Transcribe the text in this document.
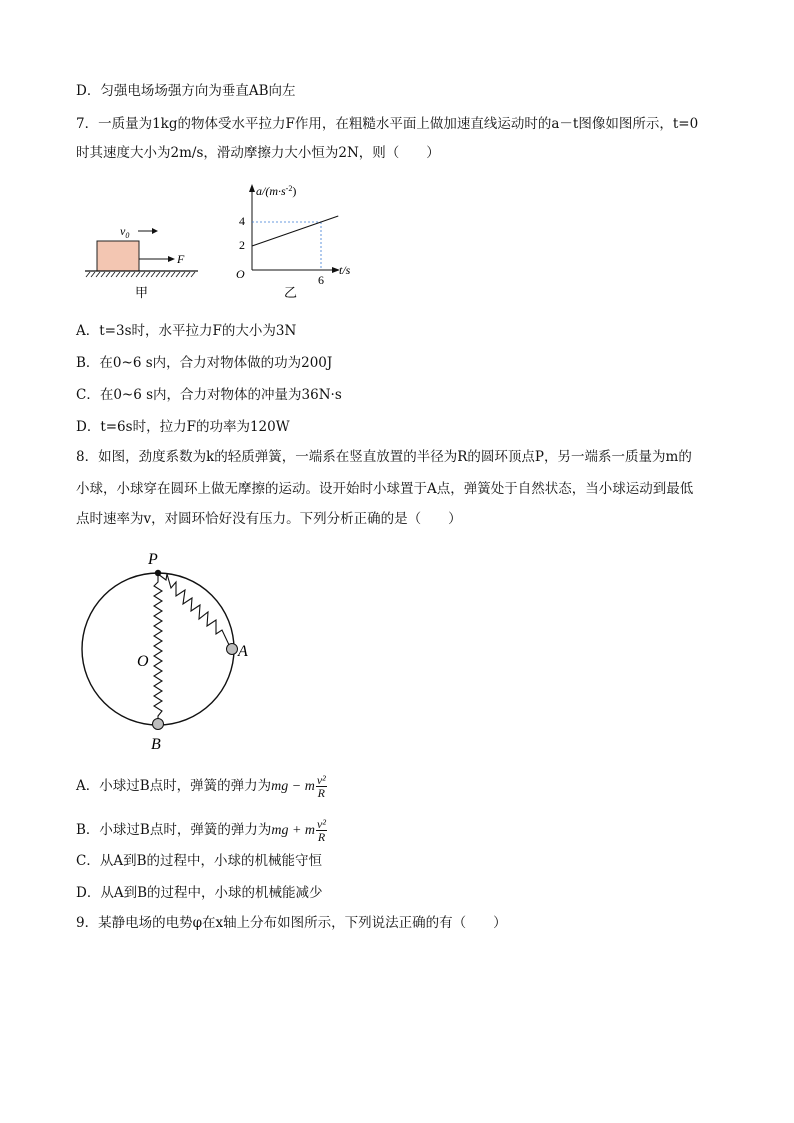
D．匀强电场场强方向为垂直AB向左
7．一质量为1kg的物体受水平拉力F作用，在粗糙水平面上做加速直线运动时的a－t图像如图所示，t=0
时其速度大小为2m/s，滑动摩擦力大小恒为2N，则（　　）
$v_0$
F
甲
$a/(m\cdot s^{-2})$
t/s
O
4
2
6
乙
A．t=3s时，水平拉力F的大小为3N
B．在0~6 s内，合力对物体做的功为200J
C．在0~6 s内，合力对物体的冲量为36N·s
D．t=6s时，拉力F的功率为120W
8．如图，劲度系数为k的轻质弹簧，一端系在竖直放置的半径为R的圆环顶点P，另一端系一质量为m的
小球，小球穿在圆环上做无摩擦的运动。设开始时小球置于A点，弹簧处于自然状态，当小球运动到最低
点时速率为v，对圆环恰好没有压力。下列分析正确的是（　　）
P
O
A
B
A．小球过B点时，弹簧的弹力为mg − m $\frac{\text{v²}}{R}$
B．小球过B点时，弹簧的弹力为mg + m $\frac{\text{v²}}{R}$
C．从A到B的过程中，小球的机械能守恒
D．从A到B的过程中，小球的机械能减少
9．某静电场的电势φ在x轴上分布如图所示，下列说法正确的有（　　）
